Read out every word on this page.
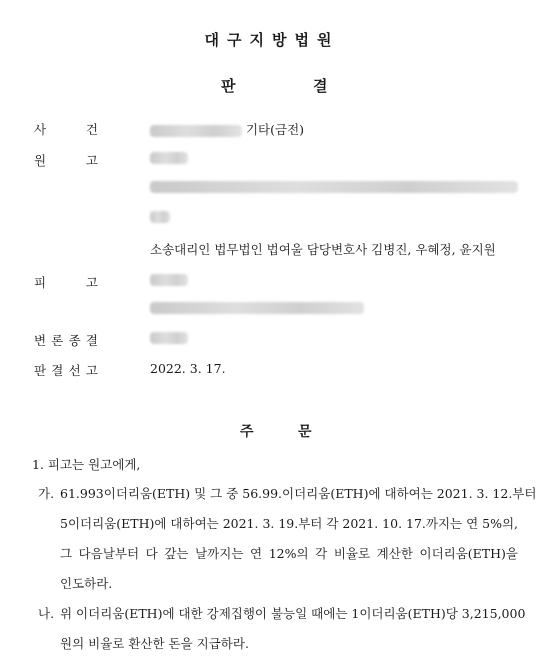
대구지방법원
판	결
사	건	기타(금전)
원	고
소송대리인 법무법인 법여울 담당변호사 김병진, 우혜정, 윤지원
피	고
변 론 종 결
판 결 선 고	2022. 3. 17.
주	문
1. 피고는 원고에게,
가. 61.993이더리움(ETH) 및 그 중 56.99.이더리움(ETH)에 대하여는 2021. 3. 12.부터
5이더리움(ETH)에 대하여는 2021. 3. 19.부터 각 2021. 10. 17.까지는 연 5%의,
그 다음날부터 다 갚는 날까지는 연 12%의 각 비율로 계산한 이더리움(ETH)을
인도하라.
나. 위 이더리움(ETH)에 대한 강제집행이 불능일 때에는 1이더리움(ETH)당 3,215,000
원의 비율로 환산한 돈을 지급하라.
